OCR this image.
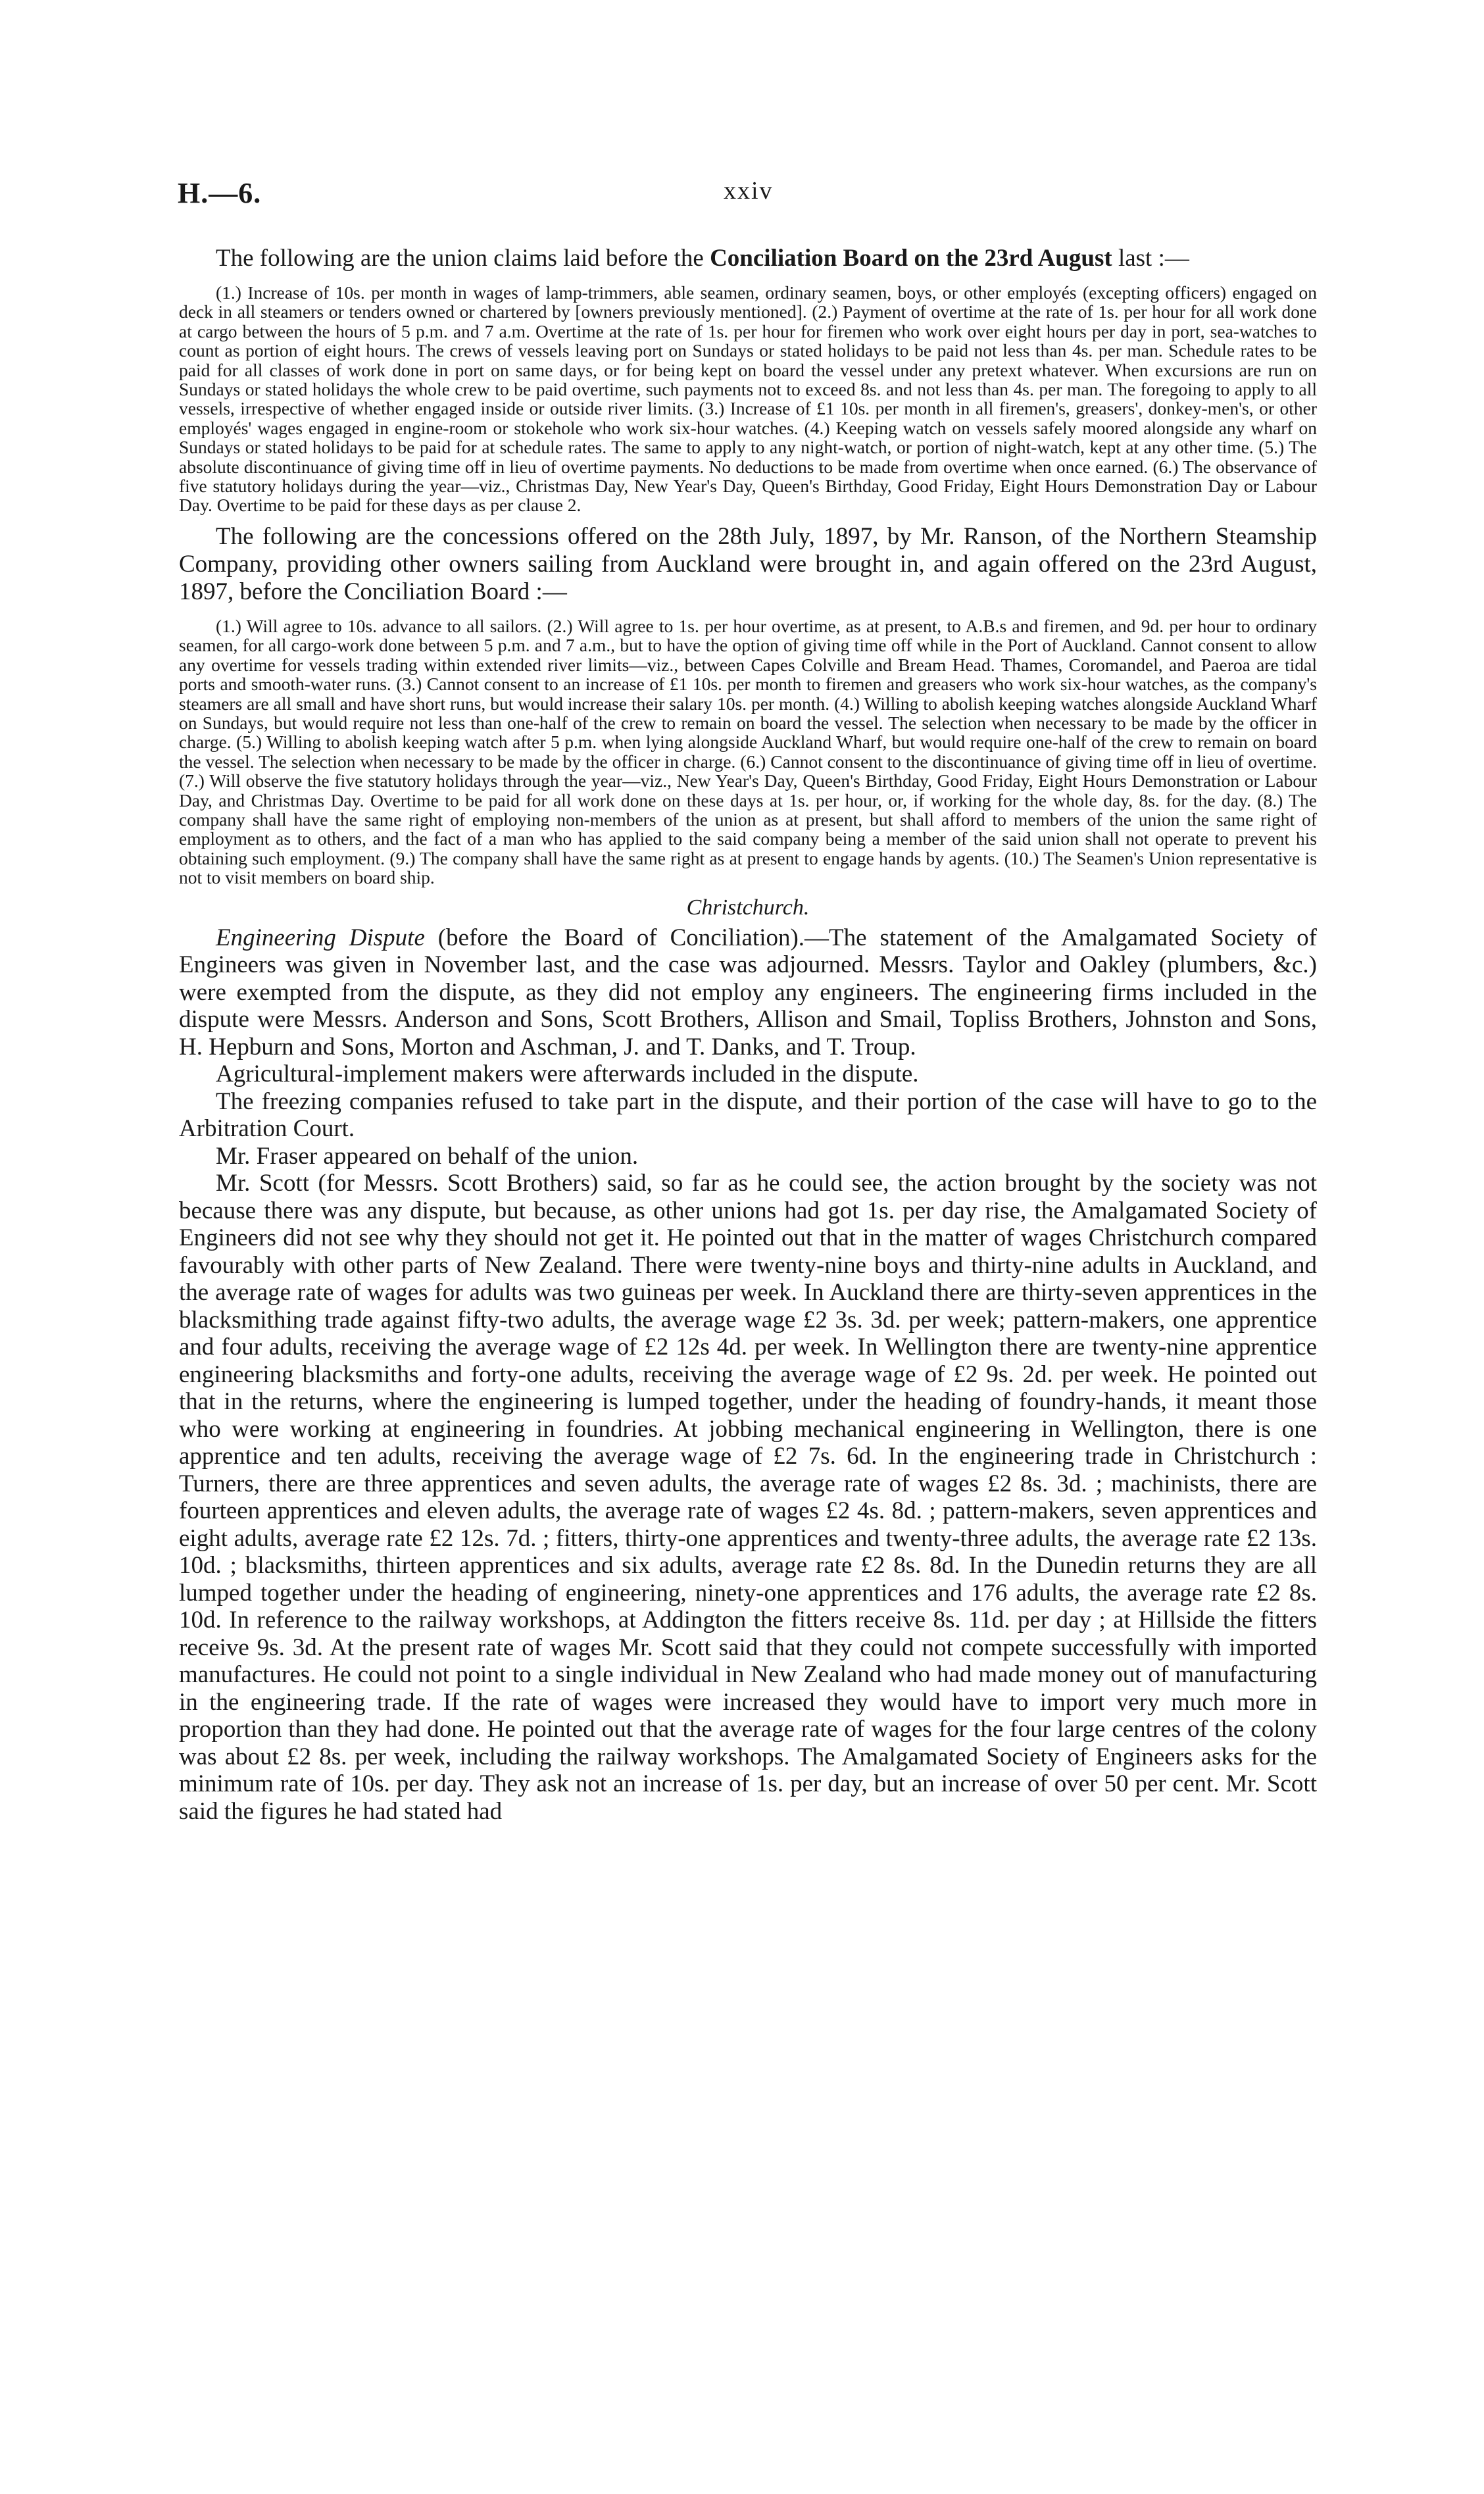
H.—6.	xxiv

The following are the union claims laid before the Conciliation Board on the 23rd August last :—

(1.) Increase of 10s. per month in wages of lamp-trimmers, able seamen, ordinary seamen, boys, or other employés (excepting officers) engaged on deck in all steamers or tenders owned or chartered by [owners previously mentioned]. (2.) Payment of overtime at the rate of 1s. per hour for all work done at cargo between the hours of 5 p.m. and 7 a.m. Overtime at the rate of 1s. per hour for firemen who work over eight hours per day in port, sea-watches to count as portion of eight hours. The crews of vessels leaving port on Sundays or stated holidays to be paid not less than 4s. per man. Schedule rates to be paid for all classes of work done in port on same days, or for being kept on board the vessel under any pretext whatever. When excursions are run on Sundays or stated holidays the whole crew to be paid overtime, such payments not to exceed 8s. and not less than 4s. per man. The foregoing to apply to all vessels, irrespective of whether engaged inside or outside river limits. (3.) Increase of £1 10s. per month in all firemen's, greasers', donkey-men's, or other employés' wages engaged in engine-room or stokehole who work six-hour watches. (4.) Keeping watch on vessels safely moored alongside any wharf on Sundays or stated holidays to be paid for at schedule rates. The same to apply to any night-watch, or portion of night-watch, kept at any other time. (5.) The absolute discontinuance of giving time off in lieu of overtime payments. No deductions to be made from overtime when once earned. (6.) The observance of five statutory holidays during the year—viz., Christmas Day, New Year's Day, Queen's Birthday, Good Friday, Eight Hours Demonstration Day or Labour Day. Overtime to be paid for these days as per clause 2.

The following are the concessions offered on the 28th July, 1897, by Mr. Ranson, of the Northern Steamship Company, providing other owners sailing from Auckland were brought in, and again offered on the 23rd August, 1897, before the Conciliation Board :—

(1.) Will agree to 10s. advance to all sailors. (2.) Will agree to 1s. per hour overtime, as at present, to A.B.s and firemen, and 9d. per hour to ordinary seamen, for all cargo-work done between 5 p.m. and 7 a.m., but to have the option of giving time off while in the Port of Auckland. Cannot consent to allow any overtime for vessels trading within extended river limits—viz., between Capes Colville and Bream Head. Thames, Coromandel, and Paeroa are tidal ports and smooth-water runs. (3.) Cannot consent to an increase of £1 10s. per month to firemen and greasers who work six-hour watches, as the company's steamers are all small and have short runs, but would increase their salary 10s. per month. (4.) Willing to abolish keeping watches alongside Auckland Wharf on Sundays, but would require not less than one-half of the crew to remain on board the vessel. The selection when necessary to be made by the officer in charge. (5.) Willing to abolish keeping watch after 5 p.m. when lying alongside Auckland Wharf, but would require one-half of the crew to remain on board the vessel. The selection when necessary to be made by the officer in charge. (6.) Cannot consent to the discontinuance of giving time off in lieu of overtime. (7.) Will observe the five statutory holidays through the year—viz., New Year's Day, Queen's Birthday, Good Friday, Eight Hours Demonstration or Labour Day, and Christmas Day. Overtime to be paid for all work done on these days at 1s. per hour, or, if working for the whole day, 8s. for the day. (8.) The company shall have the same right of employing non-members of the union as at present, but shall afford to members of the union the same right of employment as to others, and the fact of a man who has applied to the said company being a member of the said union shall not operate to prevent his obtaining such employment. (9.) The company shall have the same right as at present to engage hands by agents. (10.) The Seamen's Union representative is not to visit members on board ship.

Christchurch.

Engineering Dispute (before the Board of Conciliation).—The statement of the Amalgamated Society of Engineers was given in November last, and the case was adjourned. Messrs. Taylor and Oakley (plumbers, &c.) were exempted from the dispute, as they did not employ any engineers. The engineering firms included in the dispute were Messrs. Anderson and Sons, Scott Brothers, Allison and Smail, Topliss Brothers, Johnston and Sons, H. Hepburn and Sons, Morton and Aschman, J. and T. Danks, and T. Troup.

Agricultural-implement makers were afterwards included in the dispute.

The freezing companies refused to take part in the dispute, and their portion of the case will have to go to the Arbitration Court.

Mr. Fraser appeared on behalf of the union.

Mr. Scott (for Messrs. Scott Brothers) said, so far as he could see, the action brought by the society was not because there was any dispute, but because, as other unions had got 1s. per day rise, the Amalgamated Society of Engineers did not see why they should not get it. He pointed out that in the matter of wages Christchurch compared favourably with other parts of New Zealand. There were twenty-nine boys and thirty-nine adults in Auckland, and the average rate of wages for adults was two guineas per week. In Auckland there are thirty-seven apprentices in the blacksmithing trade against fifty-two adults, the average wage £2 3s. 3d. per week; pattern-makers, one apprentice and four adults, receiving the average wage of £2 12s 4d. per week. In Wellington there are twenty-nine apprentice engineering blacksmiths and forty-one adults, receiving the average wage of £2 9s. 2d. per week. He pointed out that in the returns, where the engineering is lumped together, under the heading of foundry-hands, it meant those who were working at engineering in foundries. At jobbing mechanical engineering in Wellington, there is one apprentice and ten adults, receiving the average wage of £2 7s. 6d. In the engineering trade in Christchurch : Turners, there are three apprentices and seven adults, the average rate of wages £2 8s. 3d. ; machinists, there are fourteen apprentices and eleven adults, the average rate of wages £2 4s. 8d. ; pattern-makers, seven apprentices and eight adults, average rate £2 12s. 7d. ; fitters, thirty-one apprentices and twenty-three adults, the average rate £2 13s. 10d. ; blacksmiths, thirteen apprentices and six adults, average rate £2 8s. 8d. In the Dunedin returns they are all lumped together under the heading of engineering, ninety-one apprentices and 176 adults, the average rate £2 8s. 10d. In reference to the railway workshops, at Addington the fitters receive 8s. 11d. per day ; at Hillside the fitters receive 9s. 3d. At the present rate of wages Mr. Scott said that they could not compete successfully with imported manufactures. He could not point to a single individual in New Zealand who had made money out of manufacturing in the engineering trade. If the rate of wages were increased they would have to import very much more in proportion than they had done. He pointed out that the average rate of wages for the four large centres of the colony was about £2 8s. per week, including the railway workshops. The Amalgamated Society of Engineers asks for the minimum rate of 10s. per day. They ask not an increase of 1s. per day, but an increase of over 50 per cent. Mr. Scott said the figures he had stated had
